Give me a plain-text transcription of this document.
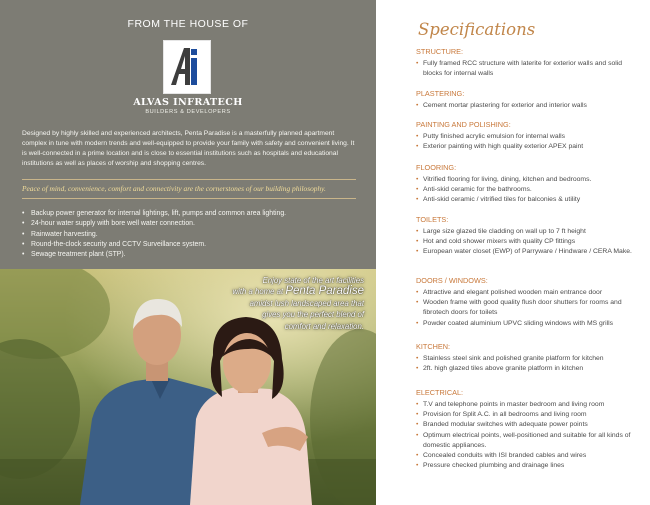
FROM THE HOUSE OF
ALVAS INFRATECH
BUILDERS & DEVELOPERS
Designed by highly skilled and experienced architects, Penta Paradise is a masterfully planned apartment complex in tune with modern trends and well-equipped to provide your family with safety and convenient living. It is well-connected in a prime location and is close to essential institutions such as hospitals and educational institutions as well as places of worship and shopping centres.
Peace of mind, convenience, comfort and connectivity are the cornerstones of our building philosophy.
• Backup power generator for internal lightings, lift, pumps and common area lighting.
• 24-hour water supply with bore well water connection.
• Rainwater harvesting.
• Round-the-clock security and CCTV Surveillance system.
• Sewage treatment plant (STP).
Enjoy state of the art facilities
with a home at Penta Paradise
amidst lush landscaped area that
gives you the perfect blend of
comfort and relaxation.
Specifications
STRUCTURE:
• Fully framed RCC structure with laterite for exterior walls and solid blocks for internal walls
PLASTERING:
• Cement mortar plastering for exterior and interior walls
PAINTING AND POLISHING:
• Putty finished acrylic emulsion for internal walls
• Exterior painting with high quality exterior APEX paint
FLOORING:
• Vitrified flooring for living, dining, kitchen and bedrooms.
• Anti-skid ceramic for the bathrooms.
• Anti-skid ceramic / vitrified tiles for balconies & utility
TOILETS:
• Large size glazed tile cladding on wall up to 7 ft height
• Hot and cold shower mixers with quality CP fittings
• European water closet (EWP) of Parryware / Hindware / CERA Make.
DOORS / WINDOWS:
• Attractive and elegant polished wooden main entrance door
• Wooden frame with good quality flush door shutters for rooms and fibrotech doors for toilets
• Powder coated aluminium UPVC sliding windows with MS grills
KITCHEN:
• Stainless steel sink and polished granite platform for kitchen
• 2ft. high glazed tiles above granite platform in kitchen
ELECTRICAL:
• T.V and telephone points in master bedroom and living room
• Provision for Split A.C. in all bedrooms and living room
• Branded modular switches with adequate power points
• Optimum electrical points, well-positioned and suitable for all kinds of domestic appliances.
• Concealed conduits with ISI branded cables and wires
• Pressure checked plumbing and drainage lines
